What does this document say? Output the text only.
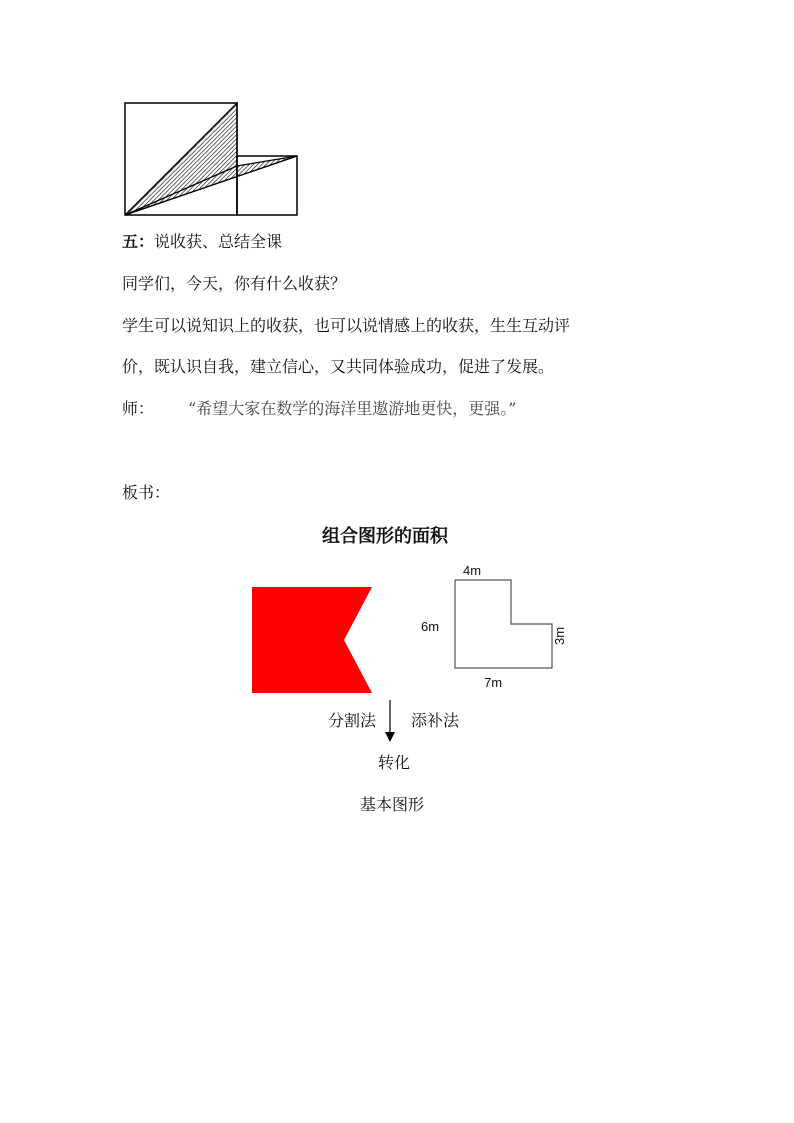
五：说收获、总结全课
同学们，今天，你有什么收获？
学生可以说知识上的收获，也可以说情感上的收获，生生互动评
价，既认识自我，建立信心，又共同体验成功，促进了发展。
师： “希望大家在数学的海洋里遨游地更快，更强。”
板书：
组合图形的面积
4m
6m
3m
7m
分割法 添补法
转化
基本图形
